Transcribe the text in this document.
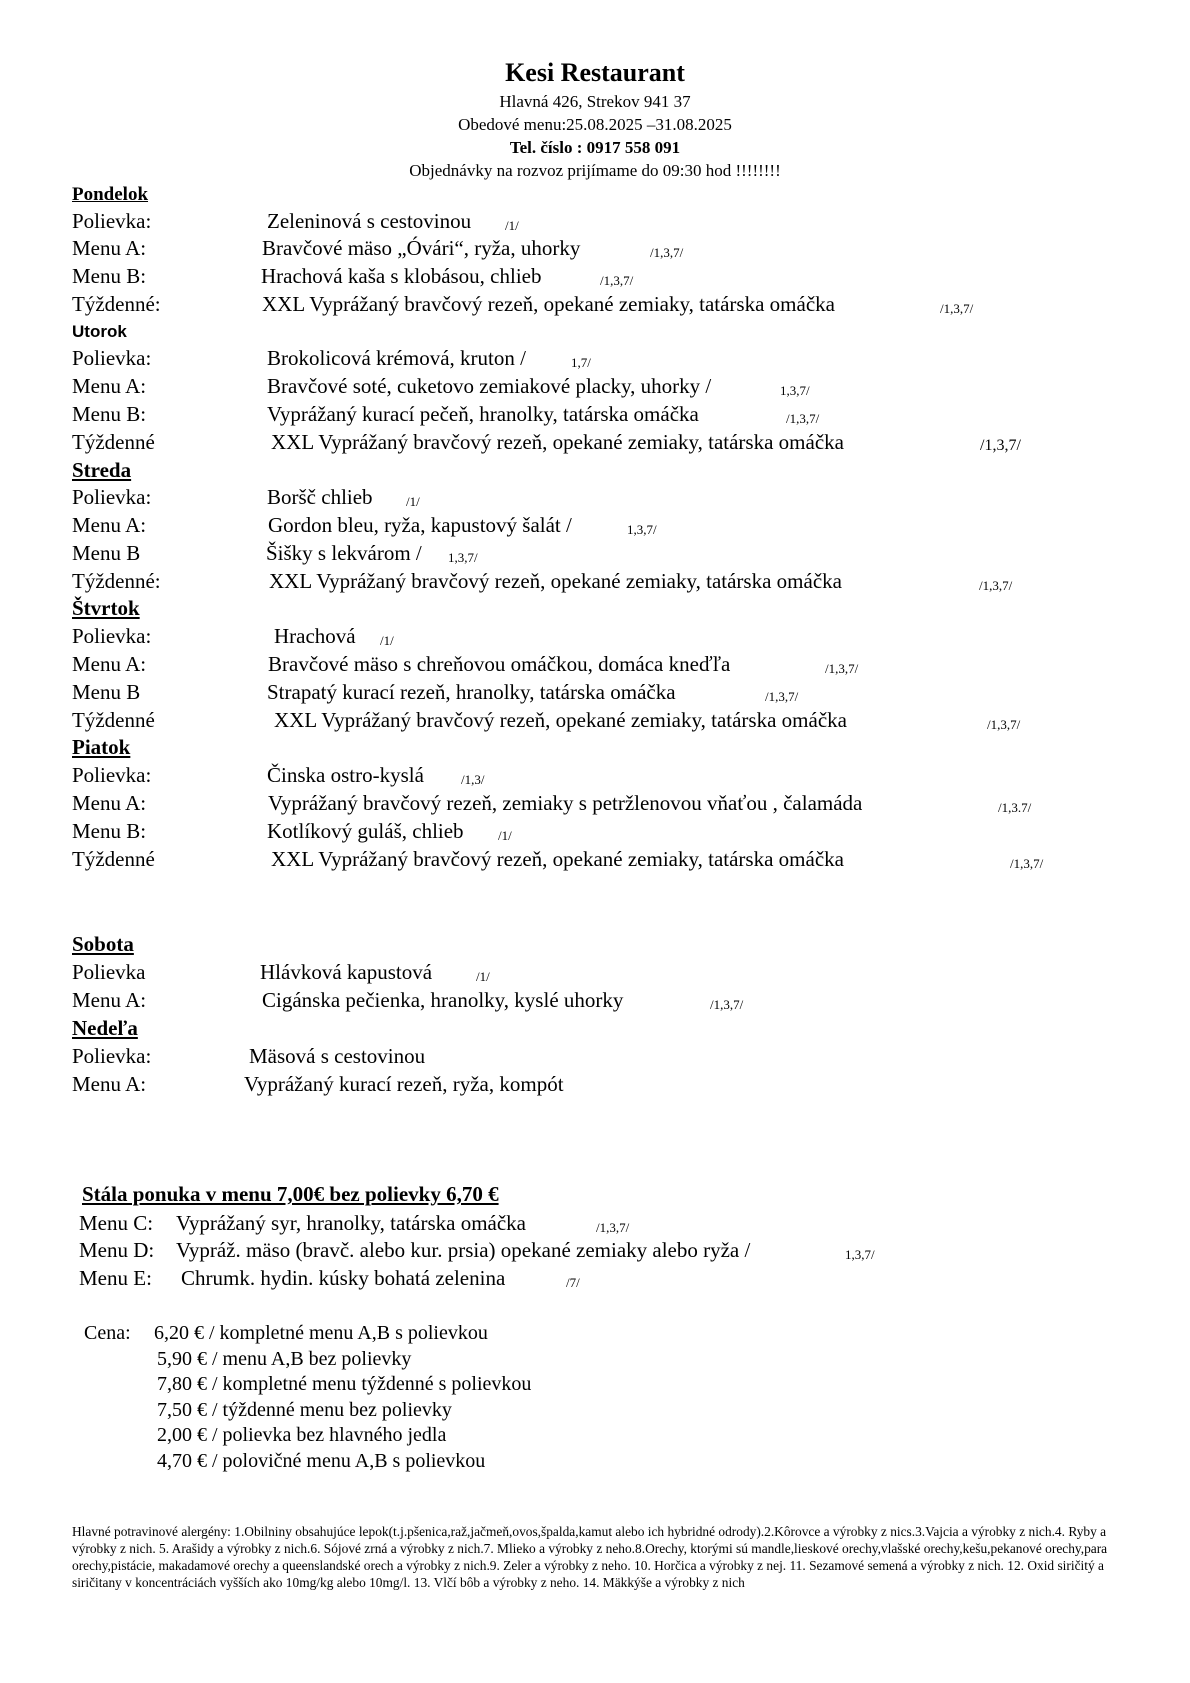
Kesi Restaurant
Hlavná 426, Strekov 941 37
Obedové menu:25.08.2025 –31.08.2025
Tel. číslo : 0917 558 091
Objednávky na rozvoz prijímame do 09:30 hod !!!!!!!!
Pondelok
Polievka:	Zeleninová s cestovinou	/1/
Menu A:	Bravčové mäso „Óvári“, ryža, uhorky	/1,3,7/
Menu B:	Hrachová kaša s klobásou, chlieb	/1,3,7/
Týždenné:	XXL Vyprážaný bravčový rezeň, opekané zemiaky, tatárska omáčka	/1,3,7/
Utorok
Polievka:	Brokolicová krémová, kruton /	1,7/
Menu A:	Bravčové soté, cuketovo zemiakové placky, uhorky /	1,3,7/
Menu B:	Vyprážaný kurací pečeň, hranolky, tatárska omáčka	/1,3,7/
Týždenné	XXL Vyprážaný bravčový rezeň, opekané zemiaky, tatárska omáčka	/1,3,7/
Streda
Polievka:	Boršč chlieb	/1/
Menu A:	Gordon bleu, ryža, kapustový šalát /	1,3,7/
Menu B	Šišky s lekvárom / 1,3,7/
Týždenné:	XXL Vyprážaný bravčový rezeň, opekané zemiaky, tatárska omáčka	/1,3,7/
Štvrtok
Polievka:	Hrachová /1/
Menu A:	Bravčové mäso s chreňovou omáčkou, domáca kneďľa	/1,3,7/
Menu B	Strapatý kurací rezeň, hranolky, tatárska omáčka	/1,3,7/
Týždenné	XXL Vyprážaný bravčový rezeň, opekané zemiaky, tatárska omáčka	/1,3,7/
Piatok
Polievka:	Činska ostro-kyslá	/1,3/
Menu A:	Vyprážaný bravčový rezeň, zemiaky s petržlenovou vňaťou , čalamáda	/1,3.7/
Menu B:	Kotlíkový guláš, chlieb	/1/
Týždenné	XXL Vyprážaný bravčový rezeň, opekané zemiaky, tatárska omáčka	/1,3,7/
Sobota
Polievka	Hlávková kapustová	/1/
Menu A:	Cigánska pečienka, hranolky, kyslé uhorky	/1,3,7/
Nedeľa
Polievka:	Mäsová s cestovinou
Menu A:	Vyprážaný kurací rezeň, ryža, kompót
Stála ponuka v menu 7,00€ bez polievky 6,70 €
Menu C: Vyprážaný syr, hranolky, tatárska omáčka	/1,3,7/
Menu D: Vypráž. mäso (bravč. alebo kur. prsia) opekané zemiaky alebo ryža /	1,3,7/
Menu E: Chrumk. hydin. kúsky bohatá zelenina	/7/
Cena: 6,20 € / kompletné menu A,B s polievkou
5,90 € / menu A,B bez polievky
7,80 € / kompletné menu týždenné s polievkou
7,50 € / týždenné menu bez polievky
2,00 € / polievka bez hlavného jedla
4,70 € / polovičné menu A,B s polievkou
Hlavné potravinové alergény: 1.Obilniny obsahujúce lepok(t.j.pšenica,raž,jačmeň,ovos,špalda,kamut alebo ich hybridné odrody).2.Kôrovce a výrobky z nics.3.Vajcia a výrobky z nich.4. Ryby a výrobky z nich. 5. Arašidy a výrobky z nich.6. Sójové zrná a výrobky z nich.7. Mlieko a výrobky z neho.8.Orechy, ktorými sú mandle,lieskové orechy,vlašské orechy,kešu,pekanové orechy,para orechy,pistácie, makadamové orechy a queenslandské orech a výrobky z nich.9. Zeler a výrobky z neho. 10. Horčica a výrobky z nej. 11. Sezamové semená a výrobky z nich. 12. Oxid siričitý a siričitany v koncentráciách vyšších ako 10mg/kg alebo 10mg/l. 13. Vlčí bôb a výrobky z neho. 14. Mäkkýše a výrobky z nich
